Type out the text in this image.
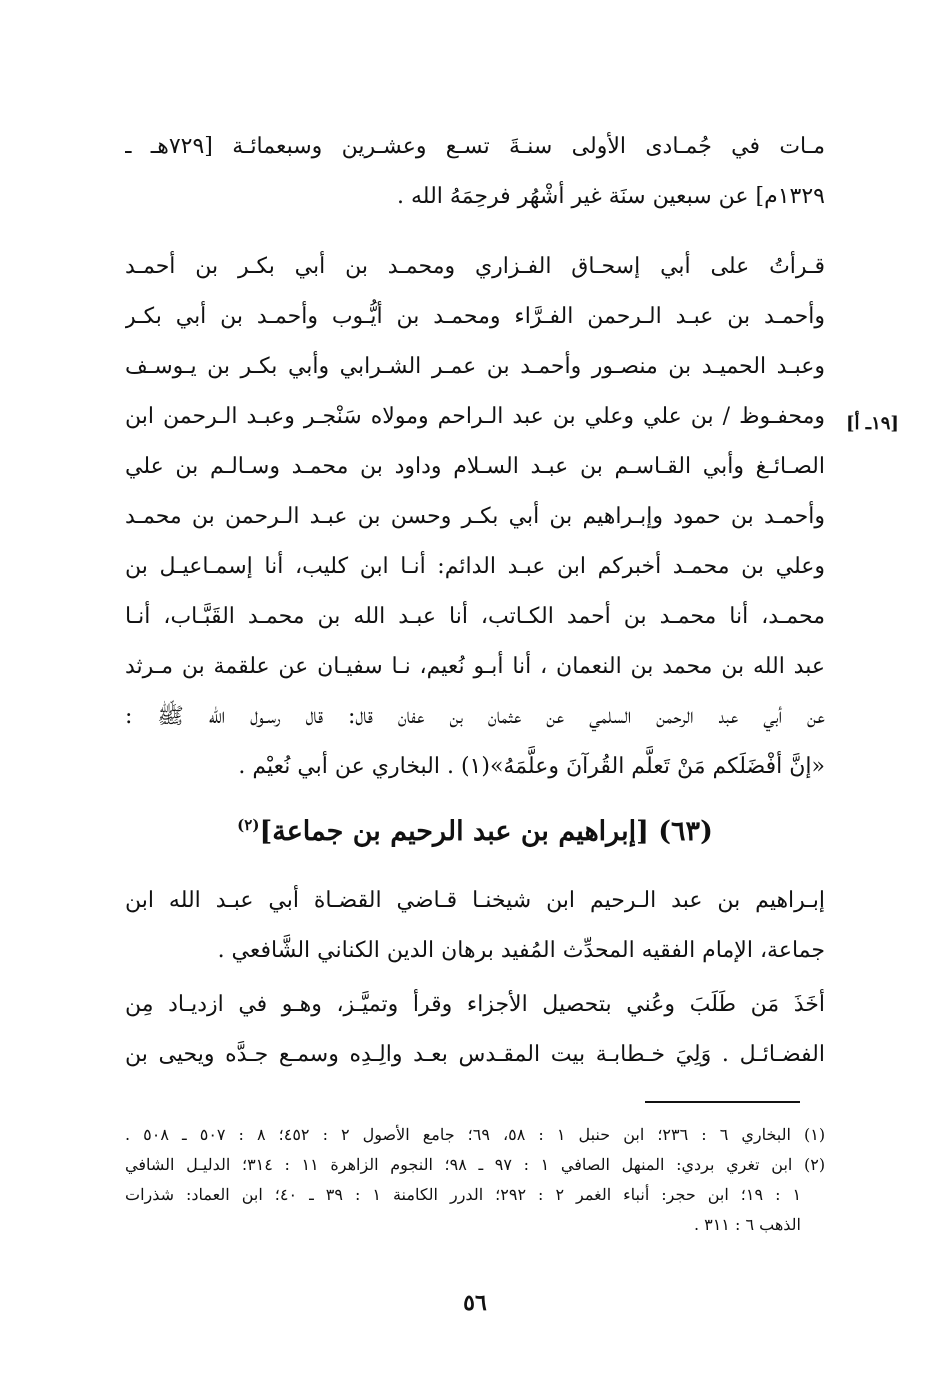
مـات في جُمـادى الأولى سنـةَ تسـع وعشـرين وسبعمائـة [٧٢٩هـ ـ
١٣٢٩م] عن سبعين سنَة غير أشْهُر فرحِمَهُ الله .
قـرأتُ على أبي إسحـاق الفـزاري ومحمـد بن أبي بكـر بن أحمـد
وأحمـد بن عبـد الـرحمن الفـرَّاء ومحمـد بن أيُّـوب وأحمـد بن أبي بكـر
وعبـد الحميـد بن منصـور وأحمـد بن عمـر الشـرابي وأبي بكـر بن يـوسـف
ومحفـوظ / بن علي وعلي بن عبد الـراحم ومولاه سَنْجـر وعبـد الـرحمن ابن
الصـائـغ وأبي القـاسـم بن عبـد السـلام وداود بن محمـد وسـالـم بن علي
وأحمـد بن حمود وإبـراهيم بن أبي بكـر وحسن بن عبـد الـرحمن بن محمـد
وعلي بن محمـد أخبركم ابن عبـد الدائم: أنـا ابن كليب، أنا إسمـاعيـل بن
محمـد، أنا محمـد بن أحمد الكـاتب، أنا عبـد الله بن محمـد القَبَّـاب، أنـا
عبد الله بن محمد بن النعمان ، أنا أبـو نُعيم، نـا سفيـان عن علقمة بن مـرثد
عن أبي عبد الرحمن السلمي عن عثمان بن عفان قال: قال رسـول الله ﷺ :
«إنَّ أفْضَلَكم مَنْ تَعلَّم القُرآنَ وعلَّمَهُ»(١) . البخاري عن أبي نُعيْم .
[١٩ـ أ]
(٦٣) [إبراهيم بن عبد الرحيم بن جماعة]$^{(٢)}$
إبـراهيم بن عبد الـرحيم ابن شيخنـا قـاضي القضـاة أبي عبـد الله ابن
جماعة، الإمام الفقيه المحدِّث المُفيد برهان الدين الكناني الشَّافعي .
أخَذَ مَن طَلَبَ وعُني بتحصيل الأجزاء وقرأ وتميَّـز، وهـو في ازديـاد مِن
الفضـائـل . وَلِيَ خـطابـة بيت المقـدس بعـد والِـدِه وسمـع جـدَّه ويحيى بن
(١) البخاري ٦ : ٢٣٦؛ ابن حنبل ١ : ٥٨، ٦٩؛ جامع الأصول ٢ : ٤٥٢؛ ٨ : ٥٠٧ ـ ٥٠٨ .
(٢) ابن تغري بردي: المنهل الصافي ١ : ٩٧ ـ ٩٨؛ النجوم الزاهرة ١١ : ٣١٤؛ الدليـل الشافي
١ : ١٩؛ ابن حجر: أنباء الغمر ٢ : ٢٩٢؛ الدرر الكامنة ١ : ٣٩ ـ ٤٠؛ ابن العماد: شذرات
الذهب ٦ : ٣١١ .
٥٦
